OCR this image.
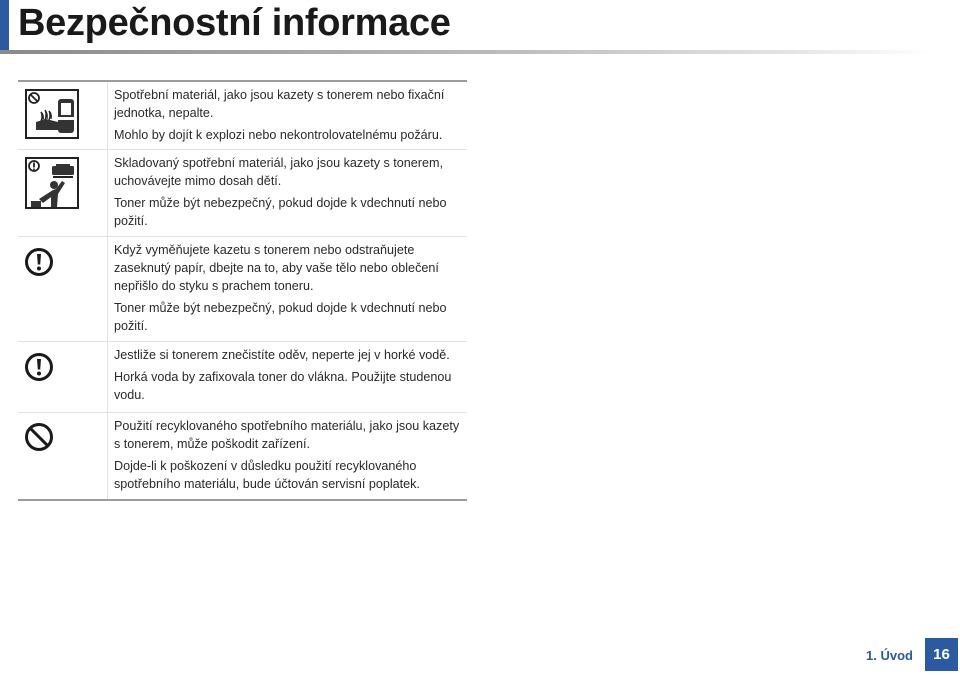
Bezpečnostní informace

Spotřební materiál, jako jsou kazety s tonerem nebo fixační jednotka, nepalte.

Mohlo by dojít k explozi nebo nekontrolovatelnému požáru.

Skladovaný spotřební materiál, jako jsou kazety s tonerem, uchovávejte mimo dosah dětí.

Toner může být nebezpečný, pokud dojde k vdechnutí nebo požití.

Když vyměňujete kazetu s tonerem nebo odstraňujete zaseknutý papír, dbejte na to, aby vaše tělo nebo oblečení nepřišlo do styku s prachem toneru.

Toner může být nebezpečný, pokud dojde k vdechnutí nebo požití.

Jestliže si tonerem znečistíte oděv, neperte jej v horké vodě.

Horká voda by zafixovala toner do vlákna. Použijte studenou vodu.

Použití recyklovaného spotřebního materiálu, jako jsou kazety s tonerem, může poškodit zařízení.

Dojde-li k poškození v důsledku použití recyklovaného spotřebního materiálu, bude účtován servisní poplatek.

1. Úvod	16
